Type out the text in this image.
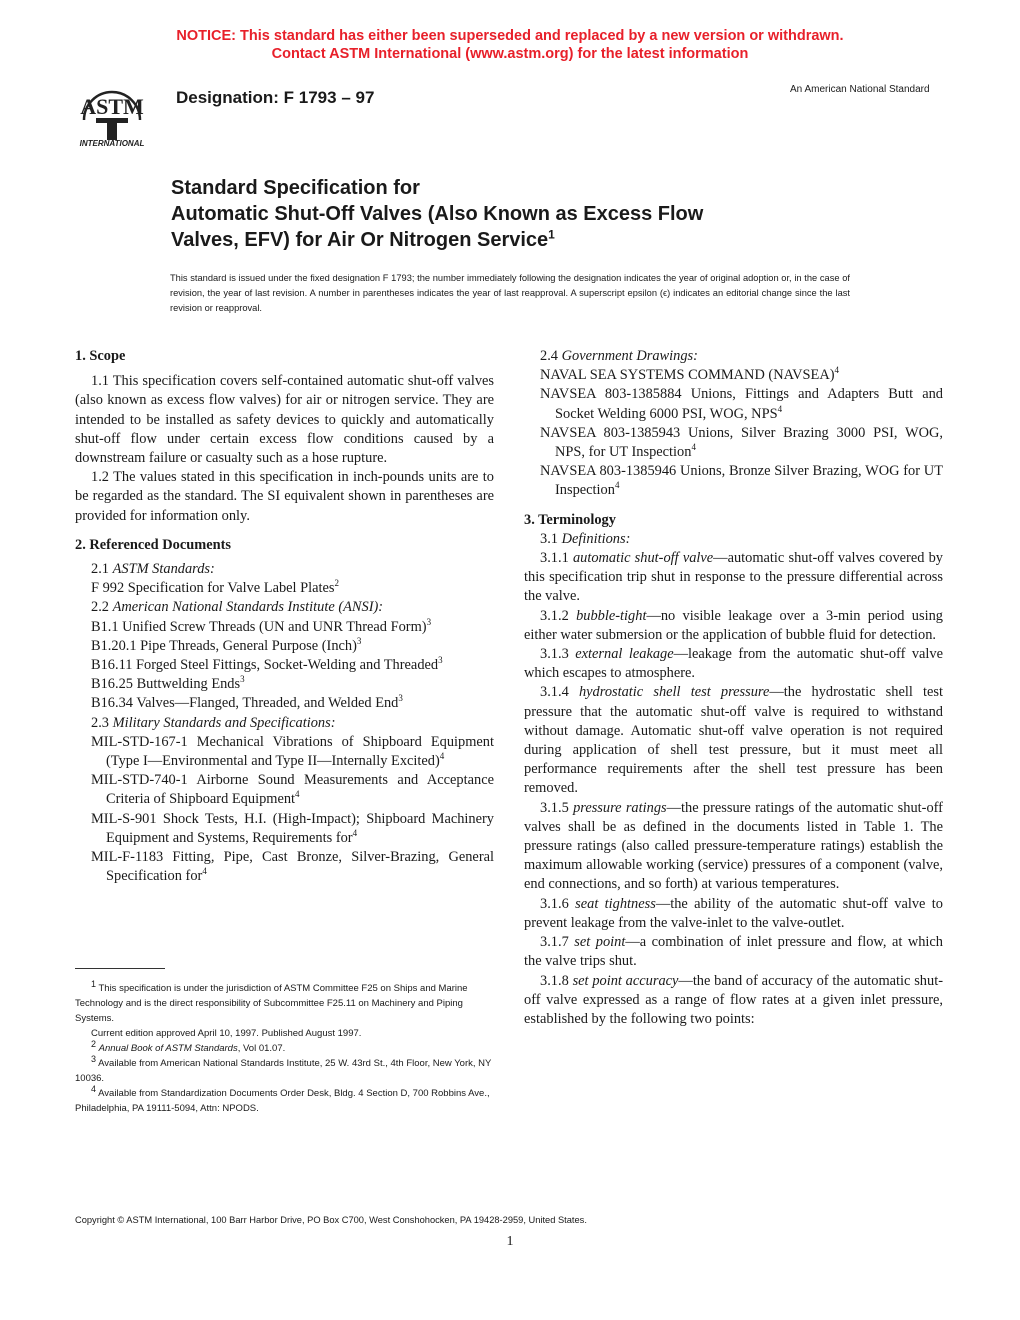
NOTICE: This standard has either been superseded and replaced by a new version or withdrawn.
Contact ASTM International (www.astm.org) for the latest information
ASTM
INTERNATIONAL
Designation: F 1793 – 97	An American National Standard
Standard Specification for
Automatic Shut-Off Valves (Also Known as Excess Flow
Valves, EFV) for Air Or Nitrogen Service$^1$
This standard is issued under the fixed designation F 1793; the number immediately following the designation indicates the year of original adoption or, in the case of revision, the year of last revision. A number in parentheses indicates the year of last reapproval. A superscript epsilon (ϵ) indicates an editorial change since the last revision or reapproval.
1. Scope

1.1 This specification covers self-contained automatic shut-off valves (also known as excess flow valves) for air or nitrogen service. They are intended to be installed as safety devices to quickly and automatically shut-off flow under certain excess flow conditions caused by a downstream failure or casualty such as a hose rupture.

1.2 The values stated in this specification in inch-pounds units are to be regarded as the standard. The SI equivalent shown in parentheses are provided for information only.

2. Referenced Documents

2.1 ASTM Standards:

F 992 Specification for Valve Label Plates$^2$

2.2 American National Standards Institute (ANSI):

B1.1 Unified Screw Threads (UN and UNR Thread Form)$^3$

B1.20.1 Pipe Threads, General Purpose (Inch)$^3$

B16.11 Forged Steel Fittings, Socket-Welding and Threaded$^3$

B16.25 Buttwelding Ends$^3$

B16.34 Valves—Flanged, Threaded, and Welded End$^3$

2.3 Military Standards and Specifications:

MIL-STD-167-1 Mechanical Vibrations of Shipboard Equipment (Type I—Environmental and Type II—Internally Excited)$^4$

MIL-STD-740-1 Airborne Sound Measurements and Acceptance Criteria of Shipboard Equipment$^4$

MIL-S-901 Shock Tests, H.I. (High-Impact); Shipboard Machinery Equipment and Systems, Requirements for$^4$

MIL-F-1183 Fitting, Pipe, Cast Bronze, Silver-Brazing, General Specification for$^4$

$^1$ This specification is under the jurisdiction of ASTM Committee F25 on Ships and Marine Technology and is the direct responsibility of Subcommittee F25.11 on Machinery and Piping Systems.

Current edition approved April 10, 1997. Published August 1997.

$^2$ Annual Book of ASTM Standards, Vol 01.07.

$^3$ Available from American National Standards Institute, 25 W. 43rd St., 4th Floor, New York, NY 10036.

$^4$ Available from Standardization Documents Order Desk, Bldg. 4 Section D, 700 Robbins Ave., Philadelphia, PA 19111-5094, Attn: NPODS.

2.4 Government Drawings:

NAVAL SEA SYSTEMS COMMAND (NAVSEA)$^4$

NAVSEA 803-1385884 Unions, Fittings and Adapters Butt and Socket Welding 6000 PSI, WOG, NPS$^4$

NAVSEA 803-1385943 Unions, Silver Brazing 3000 PSI, WOG, NPS, for UT Inspection$^4$

NAVSEA 803-1385946 Unions, Bronze Silver Brazing, WOG for UT Inspection$^4$

3. Terminology

3.1 Definitions:

3.1.1 automatic shut-off valve—automatic shut-off valves covered by this specification trip shut in response to the pressure differential across the valve.

3.1.2 bubble-tight—no visible leakage over a 3-min period using either water submersion or the application of bubble fluid for detection.

3.1.3 external leakage—leakage from the automatic shut-off valve which escapes to atmosphere.

3.1.4 hydrostatic shell test pressure—the hydrostatic shell test pressure that the automatic shut-off valve is required to withstand without damage. Automatic shut-off valve operation is not required during application of shell test pressure, but it must meet all performance requirements after the shell test pressure has been removed.

3.1.5 pressure ratings—the pressure ratings of the automatic shut-off valves shall be as defined in the documents listed in Table 1. The pressure ratings (also called pressure-temperature ratings) establish the maximum allowable working (service) pressures of a component (valve, end connections, and so forth) at various temperatures.

3.1.6 seat tightness—the ability of the automatic shut-off valve to prevent leakage from the valve-inlet to the valve-outlet.

3.1.7 set point—a combination of inlet pressure and flow, at which the valve trips shut.

3.1.8 set point accuracy—the band of accuracy of the automatic shut-off valve expressed as a range of flow rates at a given inlet pressure, established by the following two points:

Copyright © ASTM International, 100 Barr Harbor Drive, PO Box C700, West Conshohocken, PA 19428-2959, United States.
1
